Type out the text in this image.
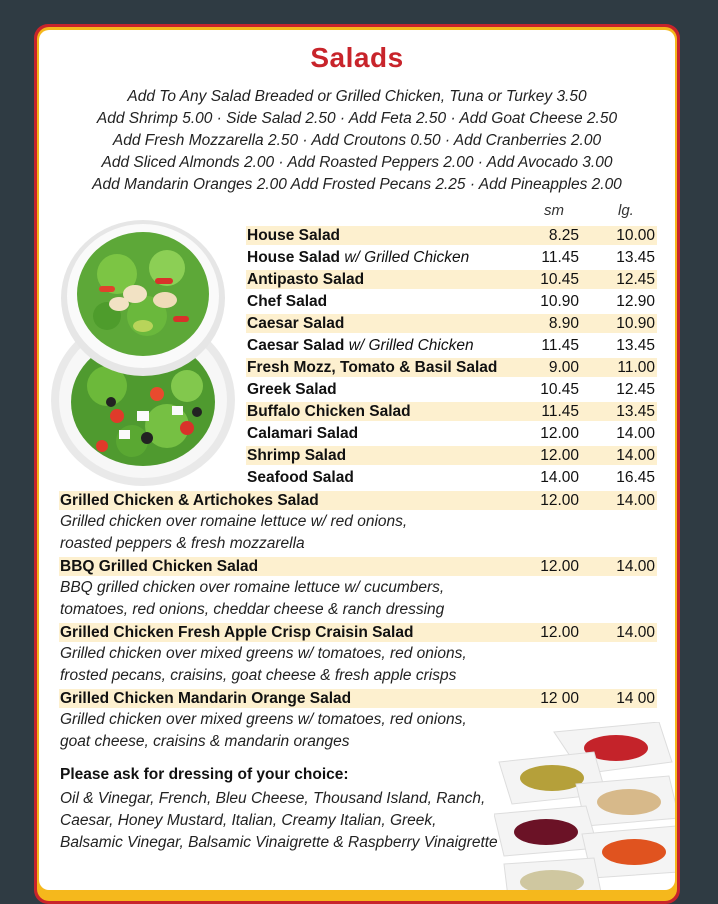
Salads
Add To Any Salad Breaded or Grilled Chicken, Tuna or Turkey 3.50
Add Shrimp 5.00 · Side Salad 2.50 · Add Feta 2.50 · Add Goat Cheese 2.50
Add Fresh Mozzarella 2.50 · Add Croutons 0.50 · Add Cranberries 2.00
Add Sliced Almonds 2.00 · Add Roasted Peppers 2.00 · Add Avocado 3.00
Add Mandarin Oranges 2.00 Add Frosted Pecans 2.25 · Add Pineapples 2.00
sm	lg.
House Salad	8.25 10.00
House Salad w/ Grilled Chicken	11.45 13.45
Antipasto Salad	10.45 12.45
Chef Salad	10.90 12.90
Caesar Salad	8.90 10.90
Caesar Salad w/ Grilled Chicken	11.45 13.45
Fresh Mozz, Tomato & Basil Salad	9.00 11.00
Greek Salad	10.45 12.45
Buffalo Chicken Salad	11.45 13.45
Calamari Salad	12.00 14.00
Shrimp Salad	12.00 14.00
Seafood Salad	14.00 16.45
Grilled Chicken & Artichokes Salad	12.00 14.00
Grilled chicken over romaine lettuce w/ red onions,
roasted peppers & fresh mozzarella
BBQ Grilled Chicken Salad	12.00 14.00
BBQ grilled chicken over romaine lettuce w/ cucumbers,
tomatoes, red onions, cheddar cheese & ranch dressing
Grilled Chicken Fresh Apple Crisp Craisin Salad	12.00 14.00
Grilled chicken over mixed greens w/ tomatoes, red onions,
frosted pecans, craisins, goat cheese & fresh apple crisps
Grilled Chicken Mandarin Orange Salad	12 00 14 00
Grilled chicken over mixed greens w/ tomatoes, red onions,
goat cheese, craisins & mandarin oranges
Please ask for dressing of your choice:
Oil & Vinegar, French, Bleu Cheese, Thousand Island, Ranch,
Caesar, Honey Mustard, Italian, Creamy Italian, Greek,
Balsamic Vinegar, Balsamic Vinaigrette & Raspberry Vinaigrette
